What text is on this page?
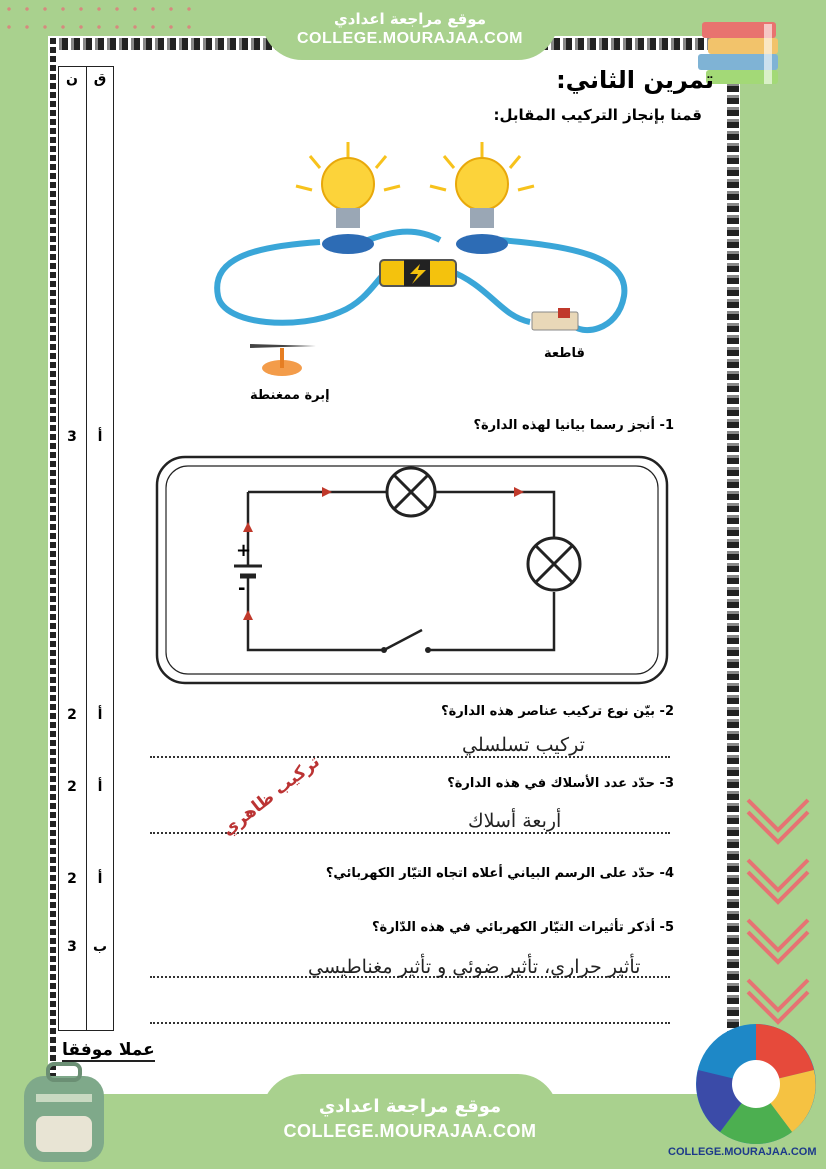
موقع مراجعة اعدادي
COLLEGE.MOURAJAA.COM
ق
أ
أ
أ
أ
ب
ن
3
2
2
2
3
تمرين الثاني:
قمنا بإنجاز التركيب المقابل:
قاطعة
إبرة ممغنطة
1- أنجز رسما بيانيا لهذه الدارة؟
+
-
2- بيّن نوع تركيب عناصر هذه الدارة؟
تركيب تسلسلي
3- حدّد عدد الأسلاك في هذه الدارة؟
أربعة أسلاك
تركيب ظاهري
4- حدّد على الرسم البياني أعلاه اتجاه التيّار الكهربائي؟
5- أذكر تأثيرات التيّار الكهربائي في هذه الدّارة؟
تأثير حراري، تأثير ضوئي و تأثير مغناطيسي
عملا موفقا
COLLEGE.MOURAJAA.COM
موقع مراجعة اعدادي
COLLEGE.MOURAJAA.COM
